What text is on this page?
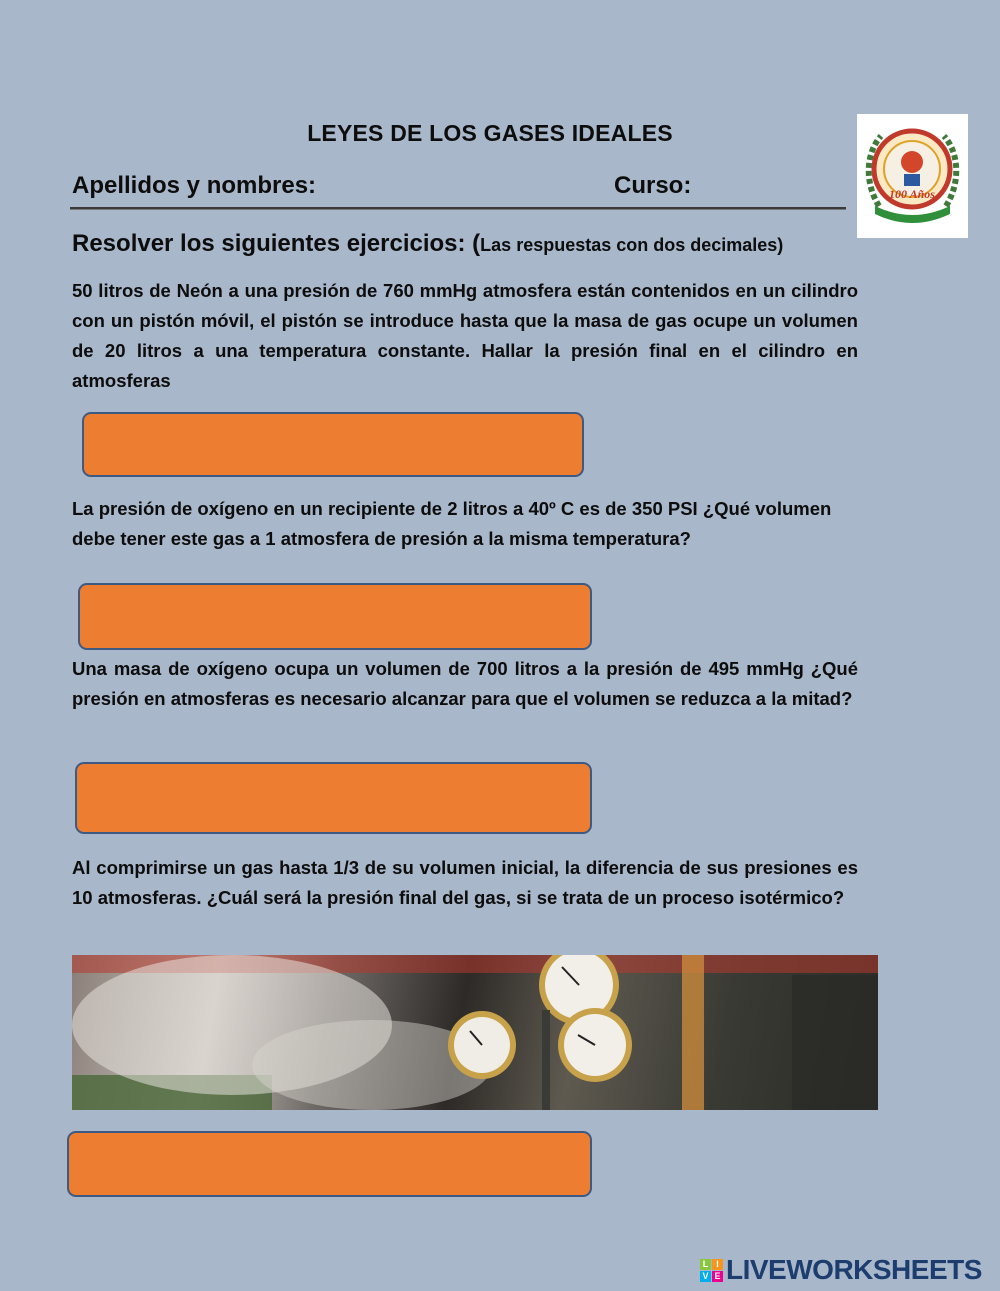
LEYES DE LOS GASES IDEALES
Apellidos y nombres:	Curso:	100 Años
Resolver los siguientes ejercicios: (Las respuestas con dos decimales)
50 litros de Neón a una presión de 760 mmHg atmosfera están contenidos en un cilindro con un pistón móvil, el pistón se introduce hasta que la masa de gas ocupe un volumen de 20 litros a una temperatura constante. Hallar la presión final en el cilindro en atmosferas
La presión de oxígeno en un recipiente de 2 litros a 40º C es de 350 PSI ¿Qué volumen debe tener este gas a 1 atmosfera de presión a la misma temperatura?
Una masa de oxígeno ocupa un volumen de 700 litros a la presión de 495 mmHg ¿Qué presión en atmosferas es necesario alcanzar para que el volumen se reduzca a la mitad?
Al comprimirse un gas hasta 1/3 de su volumen inicial, la diferencia de sus presiones es 10 atmosferas. ¿Cuál será la presión final del gas, si se trata de un proceso isotérmico?
L I
V E LIVEWORKSHEETS
